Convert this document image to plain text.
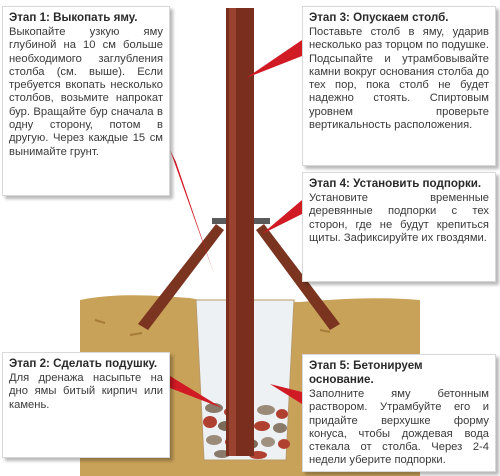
Этап 1: Выкопать яму.
Выкопайте узкую яму глубиной на 10 см больше необходимого заглубления столба (см. выше). Если требуется вкопать несколько столбов, возьмите напрокат бур. Вращайте бур сначала в одну сторону, потом в другую. Через каждые 15 см вынимайте грунт.
Этап 3: Опускаем столб.
Поставьте столб в яму, ударив несколько раз торцом по подушке. Подсыпайте и утрамбовывайте камни вокруг основания столба до тех пор, пока столб не будет надежно стоять. Спиртовым уровнем проверьте вертикальность расположения.
Этап 4: Установить подпорки.
Установите временные деревянные подпорки с тех сторон, где не будут крепиться щиты. Зафиксируйте их гвоздями.
Этап 2: Сделать подушку.
Для дренажа насыпьте на дно ямы битый кирпич или камень.
Этап 5: Бетонируем основание.
Заполните яму бетонным раствором. Утрамбуйте его и придайте верхушке форму конуса, чтобы дождевая вода стекала от столба. Через 2-4 недели уберите подпорки.
